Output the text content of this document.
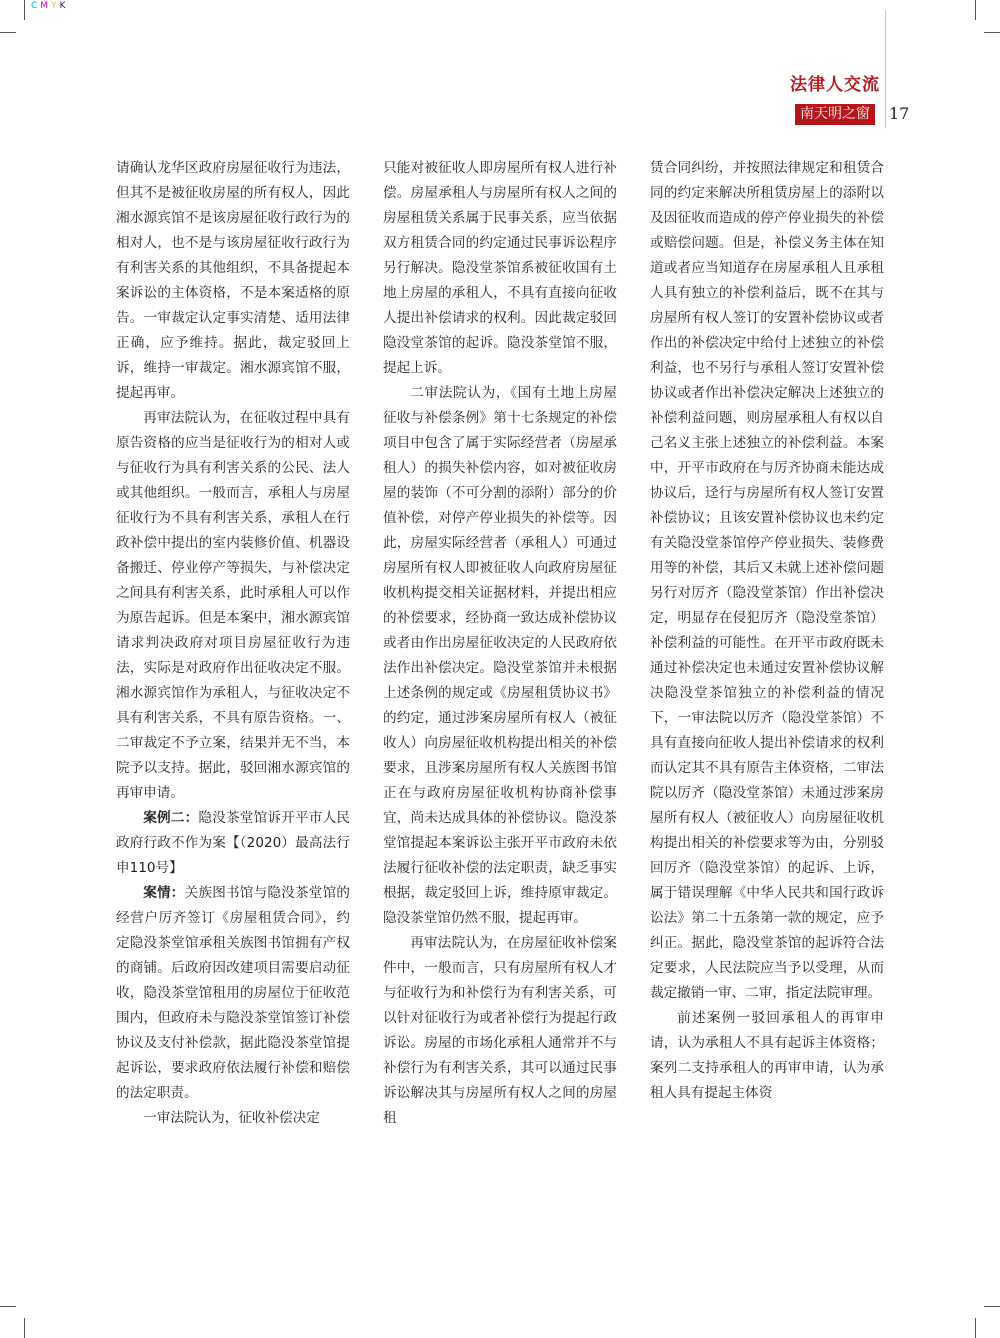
C M Y K
法律人交流
南天明之窗	17

请确认龙华区政府房屋征收行为违法，但其不是被征收房屋的所有权人，因此湘水源宾馆不是该房屋征收行政行为的相对人，也不是与该房屋征收行政行为有利害关系的其他组织，不具备提起本案诉讼的主体资格，不是本案适格的原告。一审裁定认定事实清楚、适用法律正确，应予维持。据此，裁定驳回上诉，维持一审裁定。湘水源宾馆不服，提起再审。

再审法院认为，在征收过程中具有原告资格的应当是征收行为的相对人或与征收行为具有利害关系的公民、法人或其他组织。一般而言，承租人与房屋征收行为不具有利害关系，承租人在行政补偿中提出的室内装修价值、机器设备搬迁、停业停产等损失，与补偿决定之间具有利害关系，此时承租人可以作为原告起诉。但是本案中，湘水源宾馆请求判决政府对项目房屋征收行为违法，实际是对政府作出征收决定不服。湘水源宾馆作为承租人，与征收决定不具有利害关系，不具有原告资格。一、二审裁定不予立案，结果并无不当，本院予以支持。据此，驳回湘水源宾馆的再审申请。

案例二：隐没茶堂馆诉开平市人民政府行政不作为案【（2020）最高法行申110号】

案情：关族图书馆与隐没茶堂馆的经营户厉齐签订《房屋租赁合同》，约定隐没茶堂馆承租关族图书馆拥有产权的商铺。后政府因改建项目需要启动征收，隐没茶堂馆租用的房屋位于征收范围内，但政府未与隐没茶堂馆签订补偿协议及支付补偿款，据此隐没茶堂馆提起诉讼，要求政府依法履行补偿和赔偿的法定职责。

一审法院认为，征收补偿决定

只能对被征收人即房屋所有权人进行补偿。房屋承租人与房屋所有权人之间的房屋租赁关系属于民事关系，应当依据双方租赁合同的约定通过民事诉讼程序另行解决。隐没堂茶馆系被征收国有土地上房屋的承租人，不具有直接向征收人提出补偿请求的权利。因此裁定驳回隐没堂茶馆的起诉。隐没茶堂馆不服，提起上诉。

二审法院认为，《国有土地上房屋征收与补偿条例》第十七条规定的补偿项目中包含了属于实际经营者（房屋承租人）的损失补偿内容，如对被征收房屋的装饰（不可分割的添附）部分的价值补偿，对停产停业损失的补偿等。因此，房屋实际经营者（承租人）可通过房屋所有权人即被征收人向政府房屋征收机构提交相关证据材料，并提出相应的补偿要求，经协商一致达成补偿协议或者由作出房屋征收决定的人民政府依法作出补偿决定。隐没堂茶馆并未根据上述条例的规定或《房屋租赁协议书》的约定，通过涉案房屋所有权人（被征收人）向房屋征收机构提出相关的补偿要求，且涉案房屋所有权人关族图书馆正在与政府房屋征收机构协商补偿事宜，尚未达成具体的补偿协议。隐没茶堂馆提起本案诉讼主张开平市政府未依法履行征收补偿的法定职责，缺乏事实根据，裁定驳回上诉，维持原审裁定。隐没茶堂馆仍然不服，提起再审。

再审法院认为，在房屋征收补偿案件中，一般而言，只有房屋所有权人才与征收行为和补偿行为有利害关系，可以针对征收行为或者补偿行为提起行政诉讼。房屋的市场化承租人通常并不与补偿行为有利害关系，其可以通过民事诉讼解决其与房屋所有权人之间的房屋租

赁合同纠纷，并按照法律规定和租赁合同的约定来解决所租赁房屋上的添附以及因征收而造成的停产停业损失的补偿或赔偿问题。但是，补偿义务主体在知道或者应当知道存在房屋承租人且承租人具有独立的补偿利益后，既不在其与房屋所有权人签订的安置补偿协议或者作出的补偿决定中给付上述独立的补偿利益，也不另行与承租人签订安置补偿协议或者作出补偿决定解决上述独立的补偿利益问题，则房屋承租人有权以自己名义主张上述独立的补偿利益。本案中，开平市政府在与厉齐协商未能达成协议后，迳行与房屋所有权人签订安置补偿协议；且该安置补偿协议也未约定有关隐没堂茶馆停产停业损失、装修费用等的补偿，其后又未就上述补偿问题另行对厉齐（隐没堂茶馆）作出补偿决定，明显存在侵犯厉齐（隐没堂茶馆）补偿利益的可能性。在开平市政府既未通过补偿决定也未通过安置补偿协议解决隐没堂茶馆独立的补偿利益的情况下，一审法院以厉齐（隐没堂茶馆）不具有直接向征收人提出补偿请求的权利而认定其不具有原告主体资格，二审法院以厉齐（隐没堂茶馆）未通过涉案房屋所有权人（被征收人）向房屋征收机构提出相关的补偿要求等为由，分别驳回厉齐（隐没堂茶馆）的起诉、上诉，属于错误理解《中华人民共和国行政诉讼法》第二十五条第一款的规定，应予纠正。据此，隐没堂茶馆的起诉符合法定要求，人民法院应当予以受理，从而裁定撤销一审、二审，指定法院审理。

前述案例一驳回承租人的再审申请，认为承租人不具有起诉主体资格；案列二支持承租人的再审申请，认为承租人具有提起主体资
